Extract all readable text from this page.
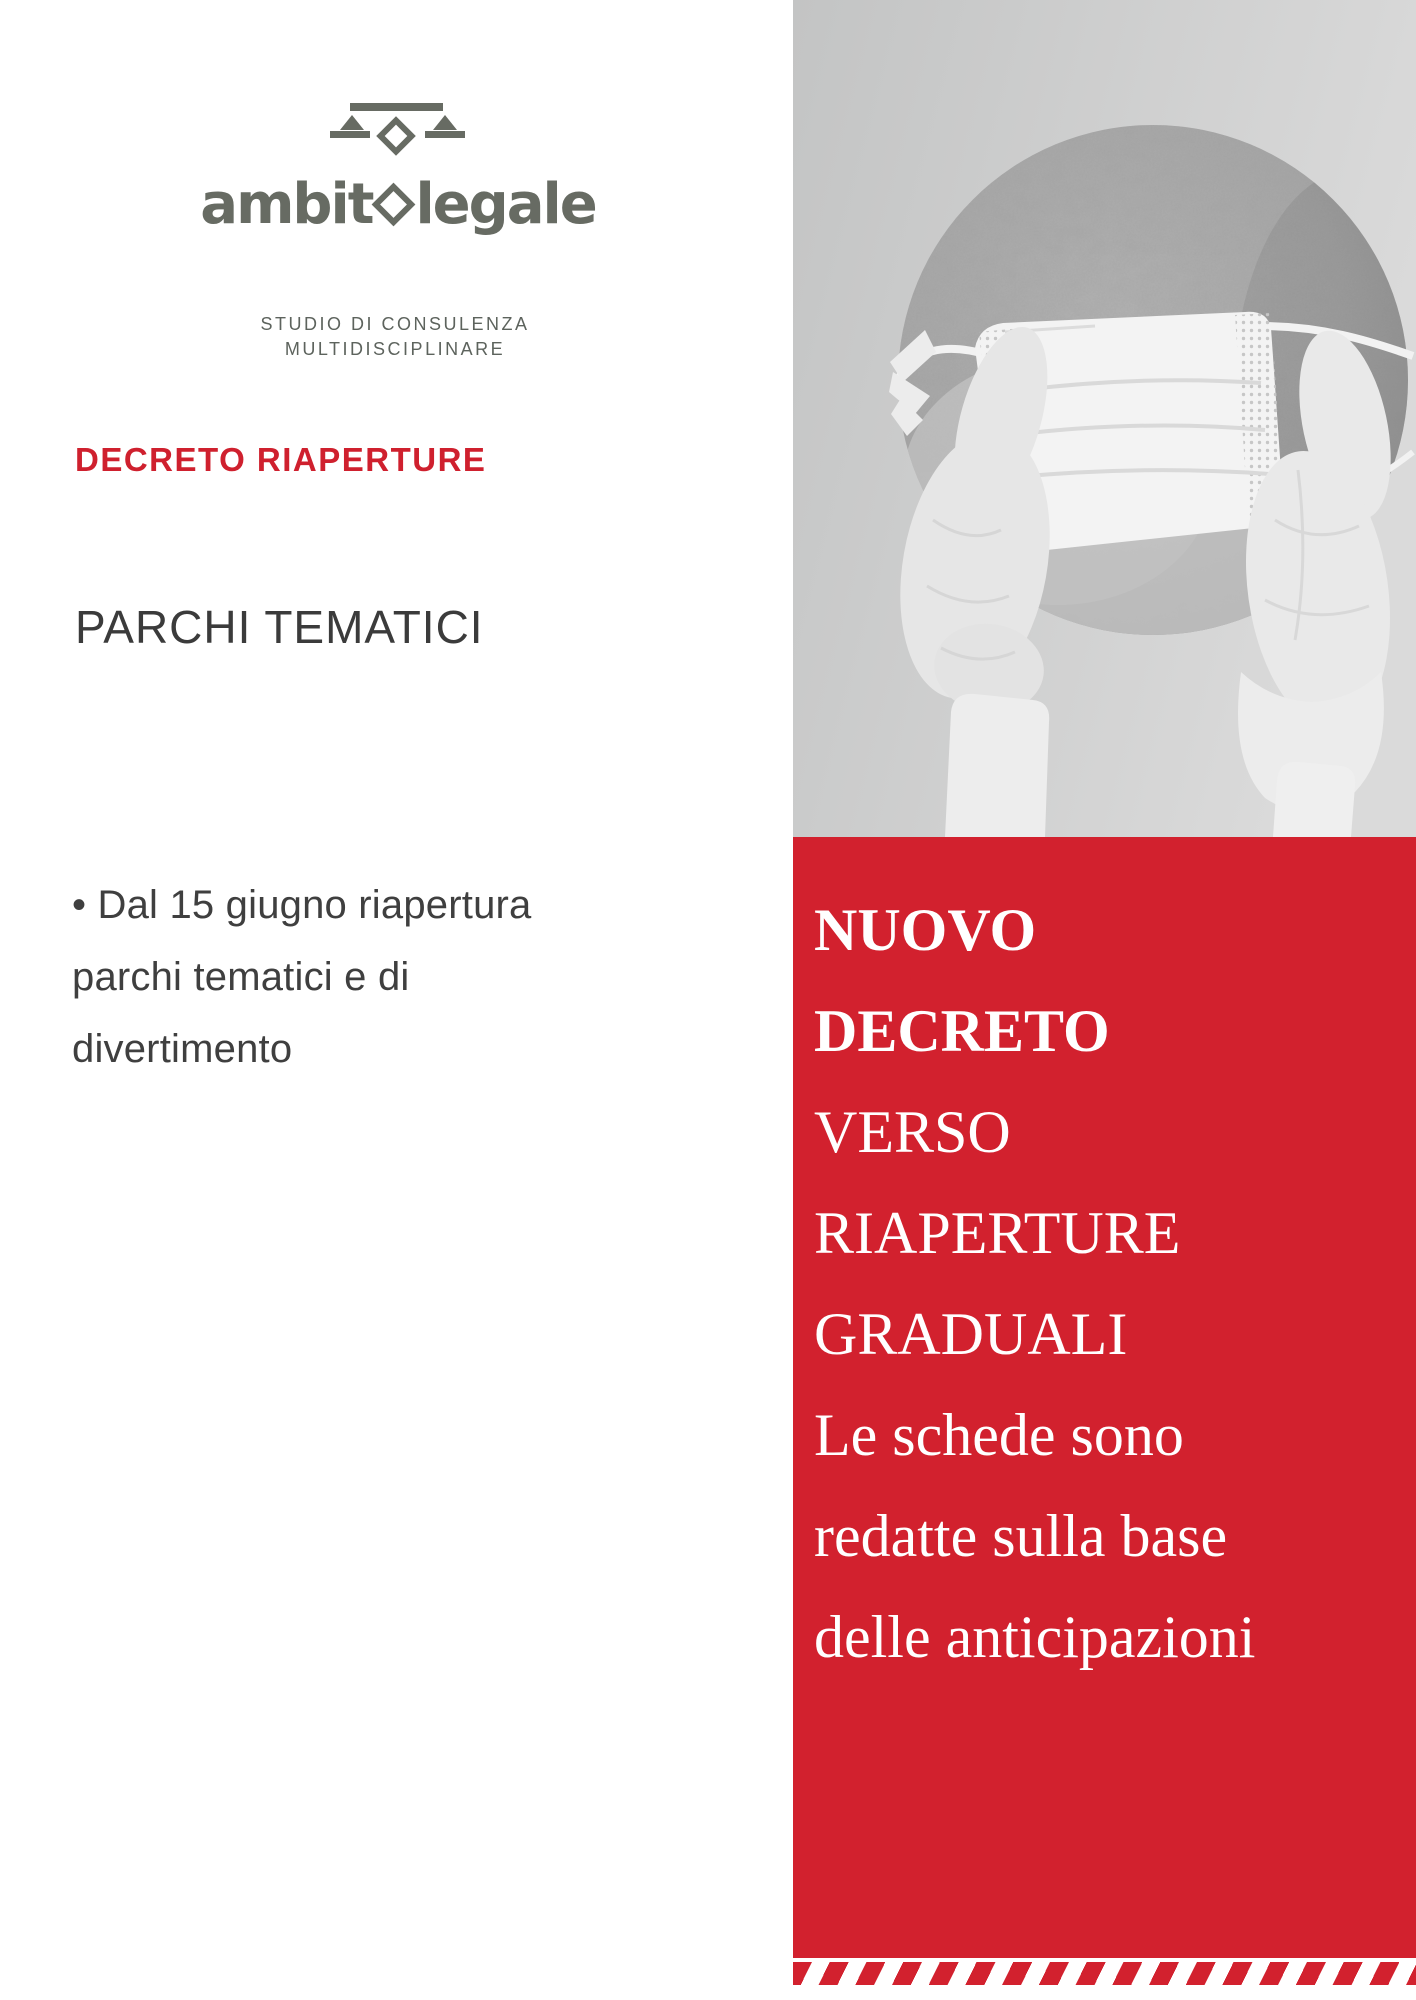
ambit legale
STUDIO DI CONSULENZA
MULTIDISCIPLINARE
DECRETO RIAPERTURE
PARCHI TEMATICI
• Dal 15 giugno riapertura
parchi tematici e di
divertimento
NUOVO
DECRETO
VERSO
RIAPERTURE
GRADUALI
Le schede sono
redatte sulla base
delle anticipazioni
